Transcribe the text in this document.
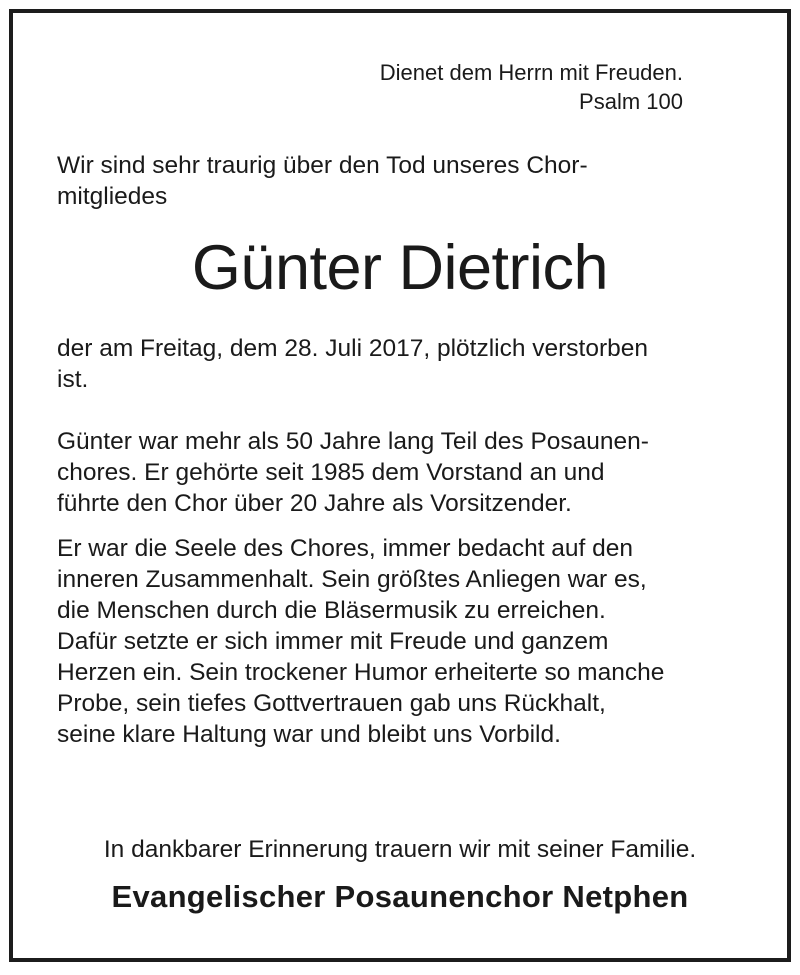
Dienet dem Herrn mit Freuden.
Psalm 100

Wir sind sehr traurig über den Tod unseres Chor-
mitgliedes

Günter Dietrich

der am Freitag, dem 28. Juli 2017, plötzlich verstorben
ist.

Günter war mehr als 50 Jahre lang Teil des Posaunen-
chores. Er gehörte seit 1985 dem Vorstand an und
führte den Chor über 20 Jahre als Vorsitzender.

Er war die Seele des Chores, immer bedacht auf den
inneren Zusammenhalt. Sein größtes Anliegen war es,
die Menschen durch die Bläsermusik zu erreichen.
Dafür setzte er sich immer mit Freude und ganzem
Herzen ein. Sein trockener Humor erheiterte so manche
Probe, sein tiefes Gottvertrauen gab uns Rückhalt,
seine klare Haltung war und bleibt uns Vorbild.

In dankbarer Erinnerung trauern wir mit seiner Familie.

Evangelischer Posaunenchor Netphen
